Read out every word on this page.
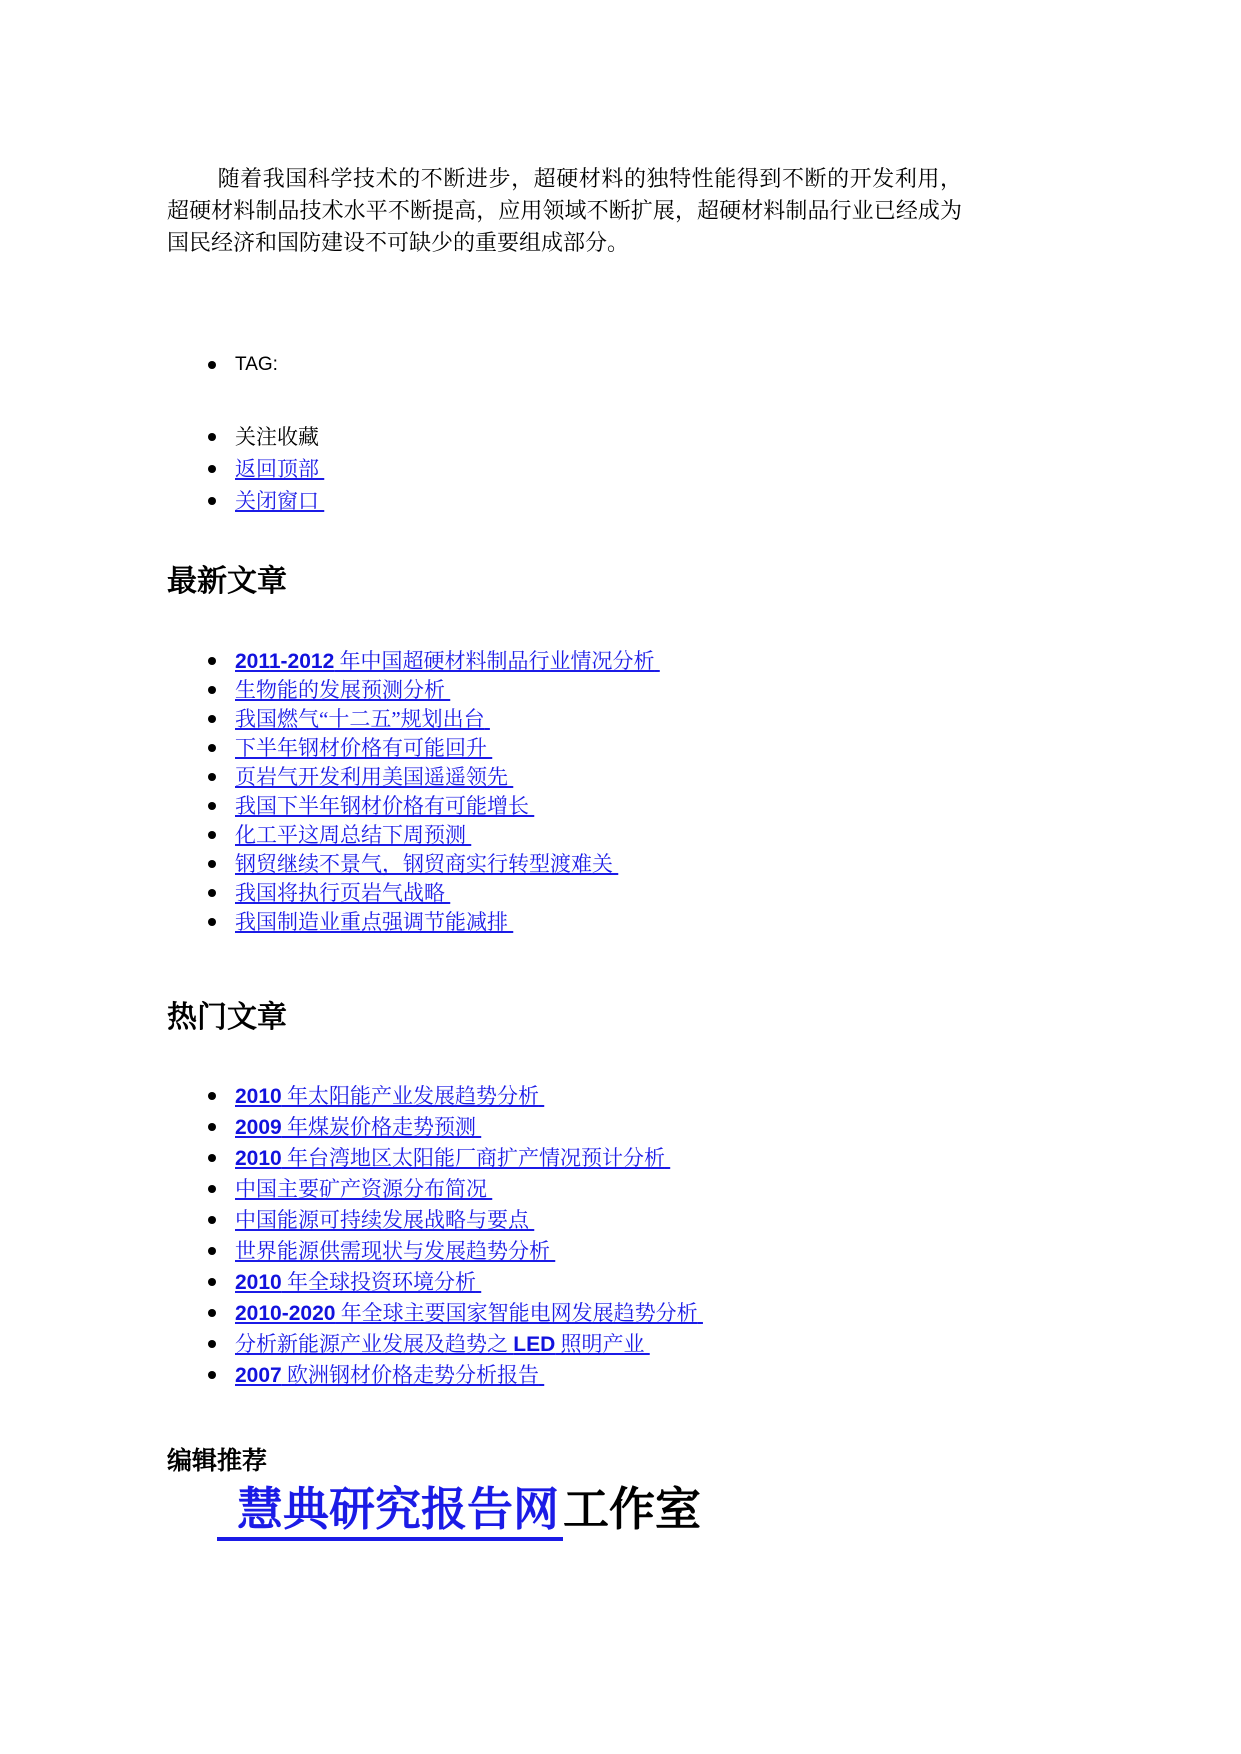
随着我国科学技术的不断进步，超硬材料的独特性能得到不断的开发利用，超硬材料制品技术水平不断提高，应用领域不断扩展，超硬材料制品行业已经成为国民经济和国防建设不可缺少的重要组成部分。

TAG:
关注收藏
返回顶部
关闭窗口
最新文章
2011-2012 年中国超硬材料制品行业情况分析
生物能的发展预测分析
我国燃气“十二五”规划出台
下半年钢材价格有可能回升
页岩气开发利用美国遥遥领先
我国下半年钢材价格有可能增长
化工平这周总结下周预测
钢贸继续不景气，钢贸商实行转型渡难关
我国将执行页岩气战略
我国制造业重点强调节能减排
热门文章
2010 年太阳能产业发展趋势分析
2009 年煤炭价格走势预测
2010 年台湾地区太阳能厂商扩产情况预计分析
中国主要矿产资源分布简况
中国能源可持续发展战略与要点
世界能源供需现状与发展趋势分析
2010 年全球投资环境分析
2010-2020 年全球主要国家智能电网发展趋势分析
分析新能源产业发展及趋势之 LED 照明产业
2007 欧洲钢材价格走势分析报告
编辑推荐

慧典研究报告网工作室
